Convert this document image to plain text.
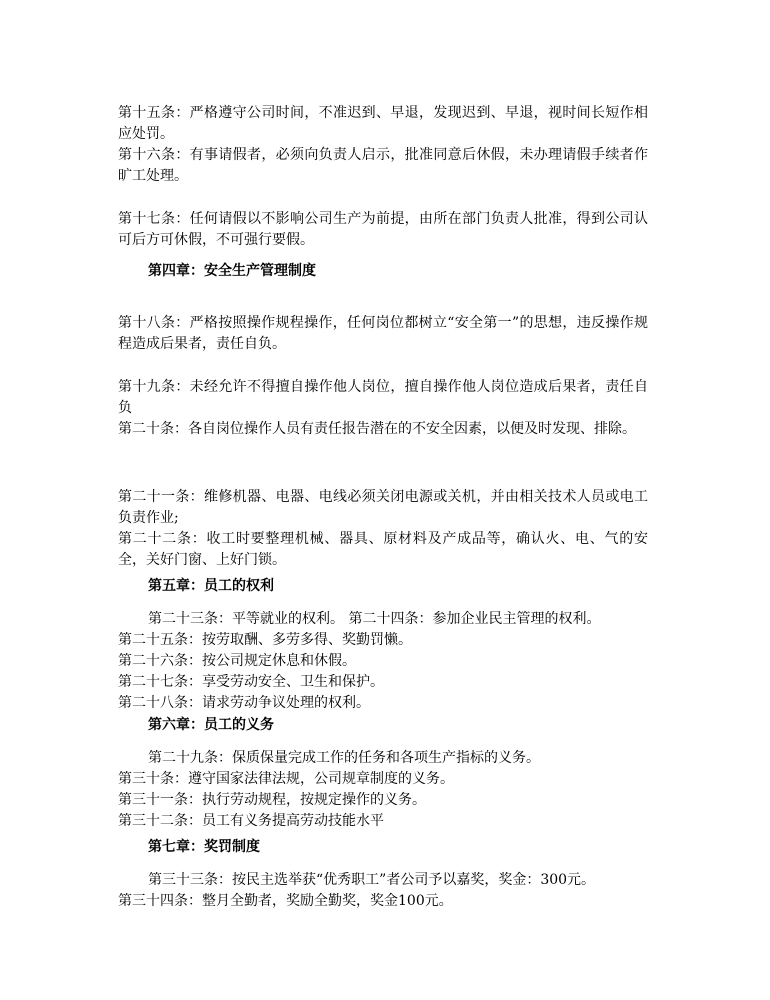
第十五条：严格遵守公司时间，不准迟到、早退，发现迟到、早退，视时间长短作相应处罚。

第十六条：有事请假者，必须向负责人启示，批准同意后休假，未办理请假手续者作旷工处理。

第十七条：任何请假以不影响公司生产为前提，由所在部门负责人批准，得到公司认可后方可休假，不可强行要假。

第四章：安全生产管理制度

第十八条：严格按照操作规程操作，任何岗位都树立“安全第一”的思想，违反操作规程造成后果者，责任自负。

第十九条：未经允许不得擅自操作他人岗位，擅自操作他人岗位造成后果者，责任自负

第二十条：各自岗位操作人员有责任报告潜在的不安全因素，以便及时发现、排除。

第二十一条：维修机器、电器、电线必须关闭电源或关机，并由相关技术人员或电工负责作业;

第二十二条：收工时要整理机械、器具、原材料及产成品等，确认火、电、气的安全，关好门窗、上好门锁。

第五章：员工的权利

第二十三条：平等就业的权利。 第二十四条：参加企业民主管理的权利。

第二十五条：按劳取酬、多劳多得、奖勤罚懒。

第二十六条：按公司规定休息和休假。

第二十七条：享受劳动安全、卫生和保护。

第二十八条：请求劳动争议处理的权利。

第六章：员工的义务

第二十九条：保质保量完成工作的任务和各项生产指标的义务。

第三十条：遵守国家法律法规，公司规章制度的义务。

第三十一条：执行劳动规程，按规定操作的义务。

第三十二条：员工有义务提高劳动技能水平

第七章：奖罚制度

第三十三条：按民主选举获“优秀职工”者公司予以嘉奖，奖金：300元。

第三十四条：整月全勤者，奖励全勤奖，奖金100元。
